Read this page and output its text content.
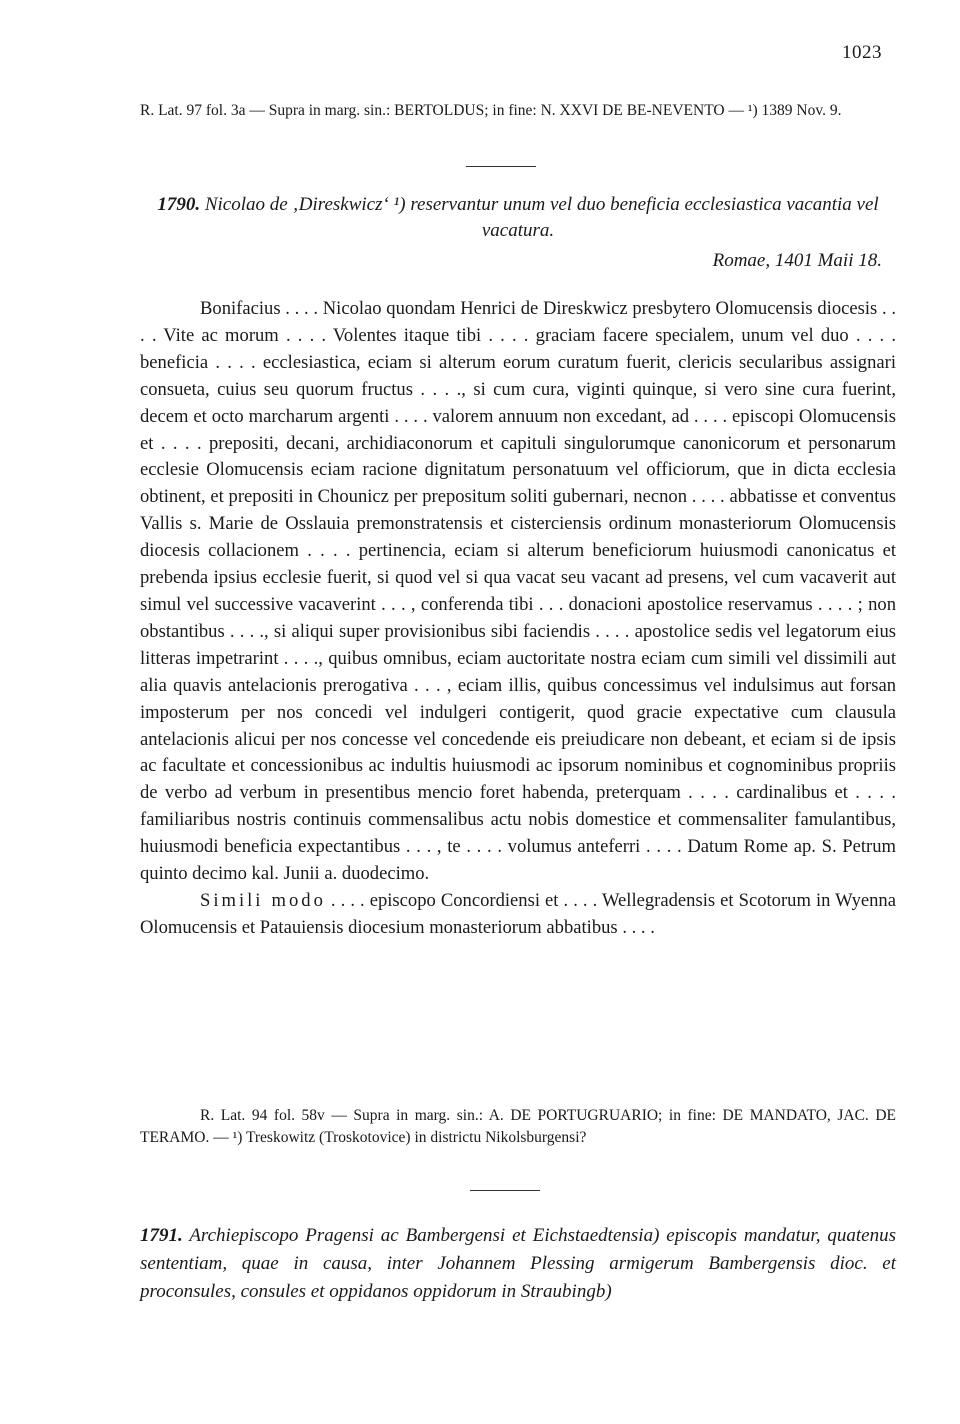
1023
R. Lat. 97 fol. 3a — Supra in marg. sin.: BERTOLDUS; in fine: N. XXVI DE BE-NEVENTO — ¹) 1389 Nov. 9.
1790. Nicolao de ‚Direskwicz‘ ¹) reservantur unum vel duo beneficia ecclesiastica vacantia vel vacatura.
Romae, 1401 Maii 18.

Bonifacius . . . . Nicolao quondam Henrici de Direskwicz presbytero Olomucensis diocesis . . . . Vite ac morum . . . . Volentes itaque tibi . . . . graciam facere specialem, unum vel duo . . . . beneficia . . . . ecclesiastica, eciam si alterum eorum curatum fuerit, clericis secularibus assignari consueta, cuius seu quorum fructus . . . ., si cum cura, viginti quinque, si vero sine cura fuerint, decem et octo marcharum argenti . . . . valorem annuum non excedant, ad . . . . episcopi Olomucensis et . . . . prepositi, decani, archidiaconorum et capituli singulorumque canonicorum et personarum ecclesie Olomucensis eciam racione dignitatum personatuum vel officiorum, que in dicta ecclesia obtinent, et prepositi in Chounicz per prepositum soliti gubernari, necnon . . . . abbatisse et conventus Vallis s. Marie de Osslauia premonstratensis et cisterciensis ordinum monasteriorum Olomucensis diocesis collacionem . . . . pertinencia, eciam si alterum beneficiorum huiusmodi canonicatus et prebenda ipsius ecclesie fuerit, si quod vel si qua vacat seu vacant ad presens, vel cum vacaverit aut simul vel successive vacaverint . . . , conferenda tibi . . . donacioni apostolice reservamus . . . . ; non obstantibus . . . ., si aliqui super provisionibus sibi faciendis . . . . apostolice sedis vel legatorum eius litteras impetrarint . . . ., quibus omnibus, eciam auctoritate nostra eciam cum simili vel dissimili aut alia quavis antelacionis prerogativa . . . , eciam illis, quibus concessimus vel indulsimus aut forsan imposterum per nos concedi vel indulgeri contigerit, quod gracie expectative cum clausula antelacionis alicui per nos concesse vel concedende eis preiudicare non debeant, et eciam si de ipsis ac facultate et concessionibus ac indultis huiusmodi ac ipsorum nominibus et cognominibus propriis de verbo ad verbum in presentibus mencio foret habenda, preterquam . . . . cardinalibus et . . . . familiaribus nostris continuis commensalibus actu nobis domestice et commensaliter famulantibus, huiusmodi beneficia expectantibus . . . , te . . . . volumus anteferri . . . . Datum Rome ap. S. Petrum quinto decimo kal. Junii a. duodecimo.

Simili modo . . . . episcopo Concordiensi et . . . . Wellegradensis et Scotorum in Wyenna Olomucensis et Patauiensis diocesium monasteriorum abbatibus . . . .

R. Lat. 94 fol. 58v — Supra in marg. sin.: A. DE PORTUGRUARIO; in fine: DE MANDATO, JAC. DE TERAMO. — ¹) Treskowitz (Troskotovice) in districtu Nikolsburgensi?
1791. Archiepiscopo Pragensi ac Bambergensi et Eichstaedtensia) episcopis mandatur, quatenus sententiam, quae in causa, inter Johannem Plessing armigerum Bambergensis dioc. et proconsules, consules et oppidanos oppidorum in Straubingb)
